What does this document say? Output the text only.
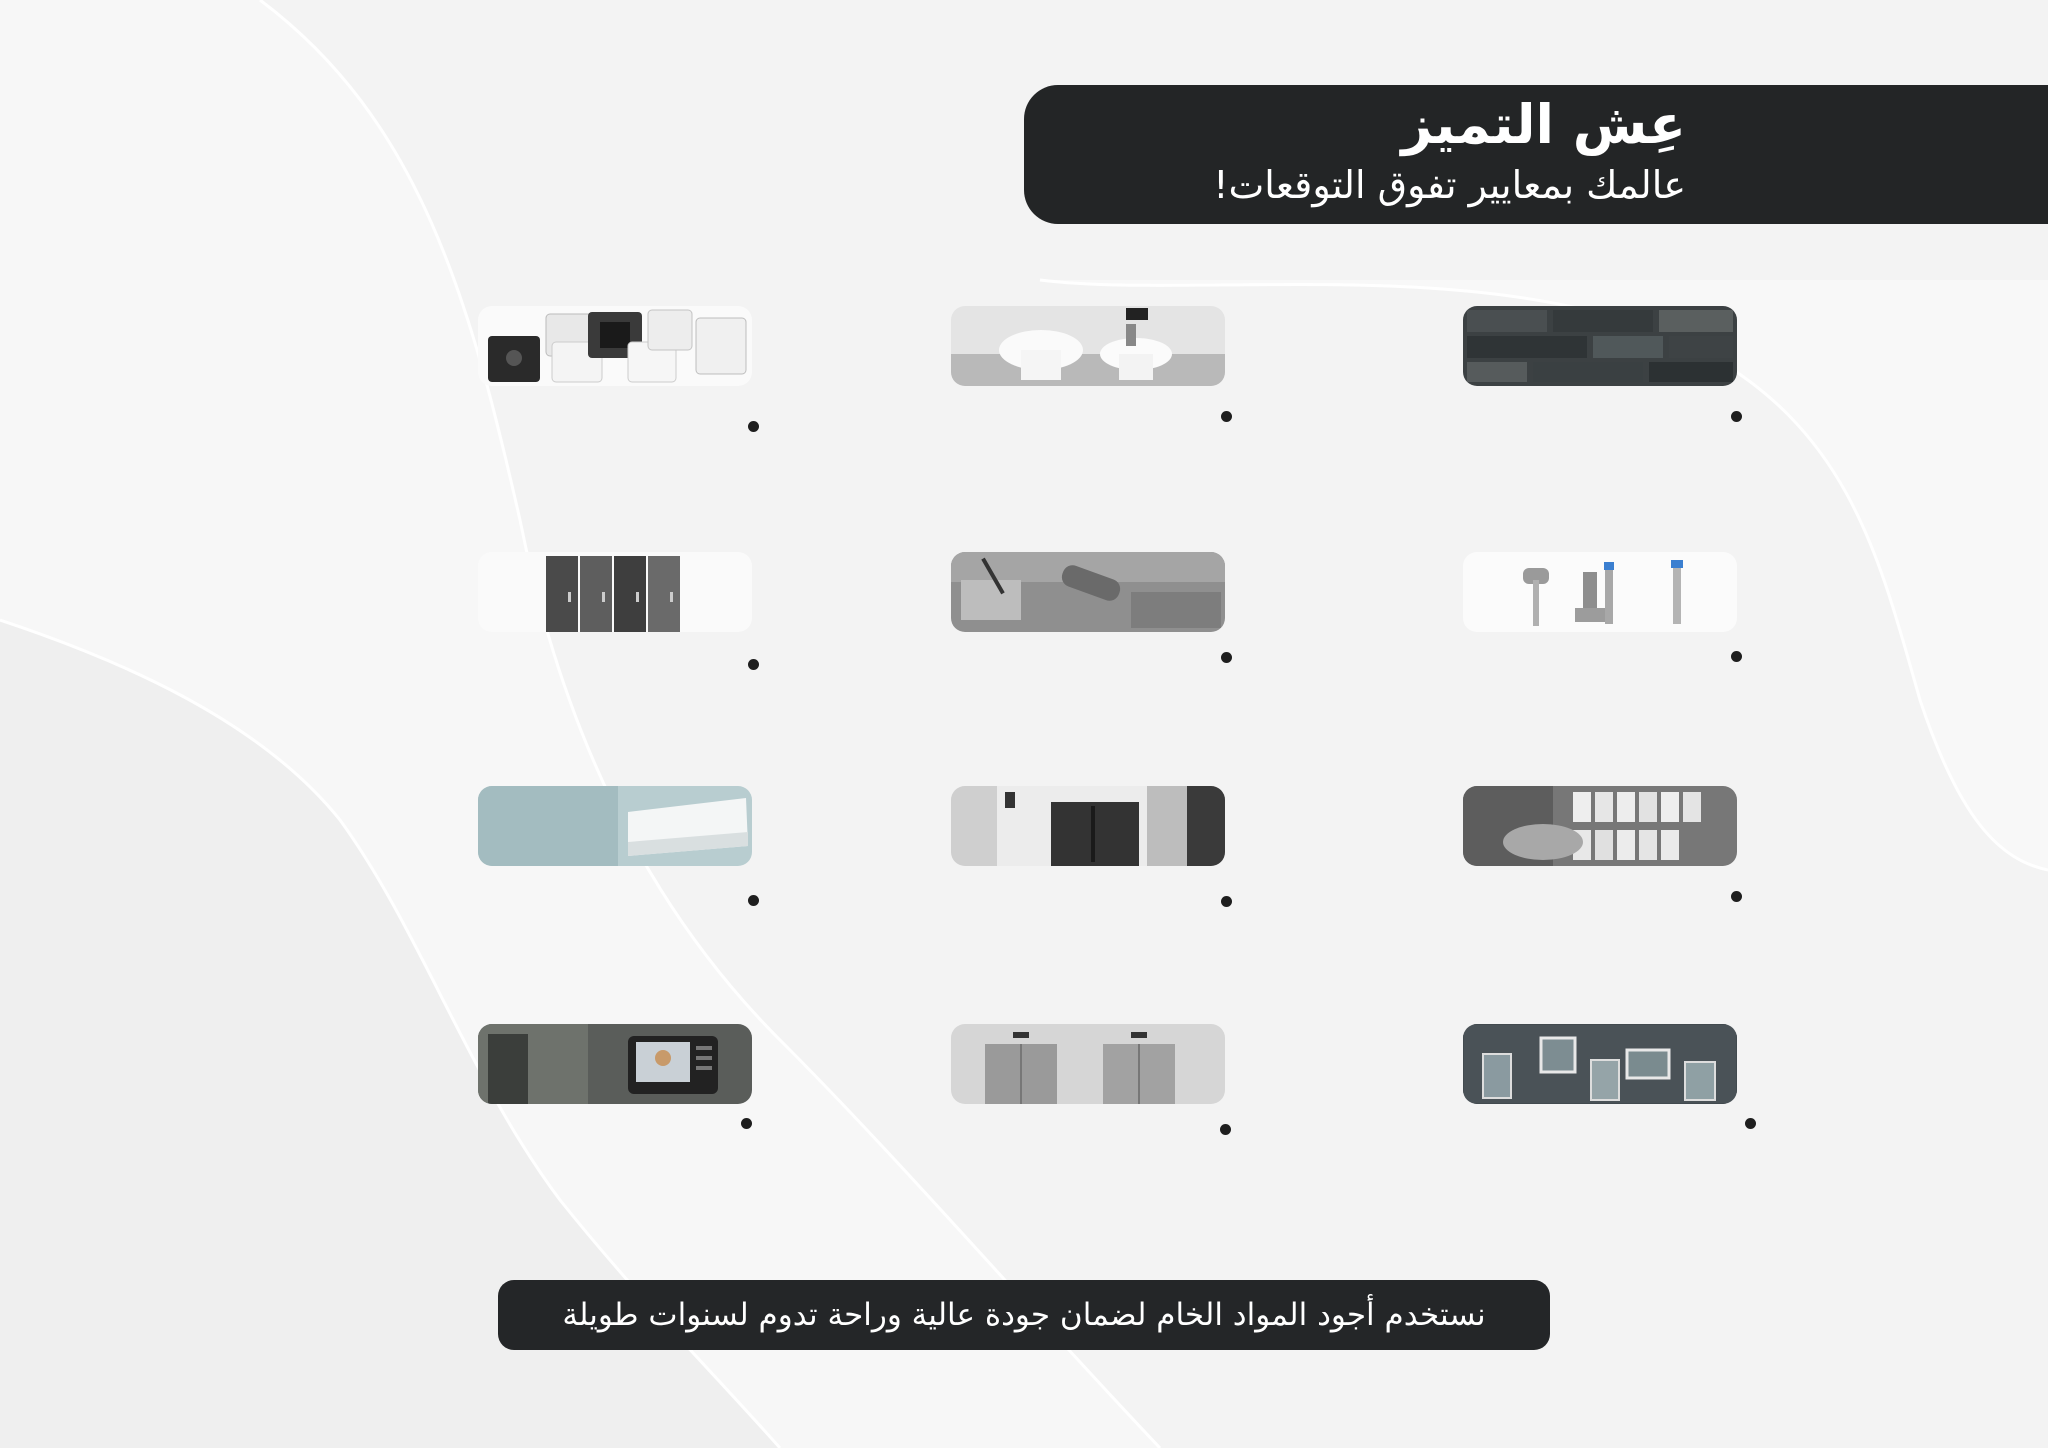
عِش التميز

عالمك بمعايير تفوق التوقعات!

نستخدم أجود المواد الخام لضمان جودة عالية وراحة تدوم لسنوات طويلة
